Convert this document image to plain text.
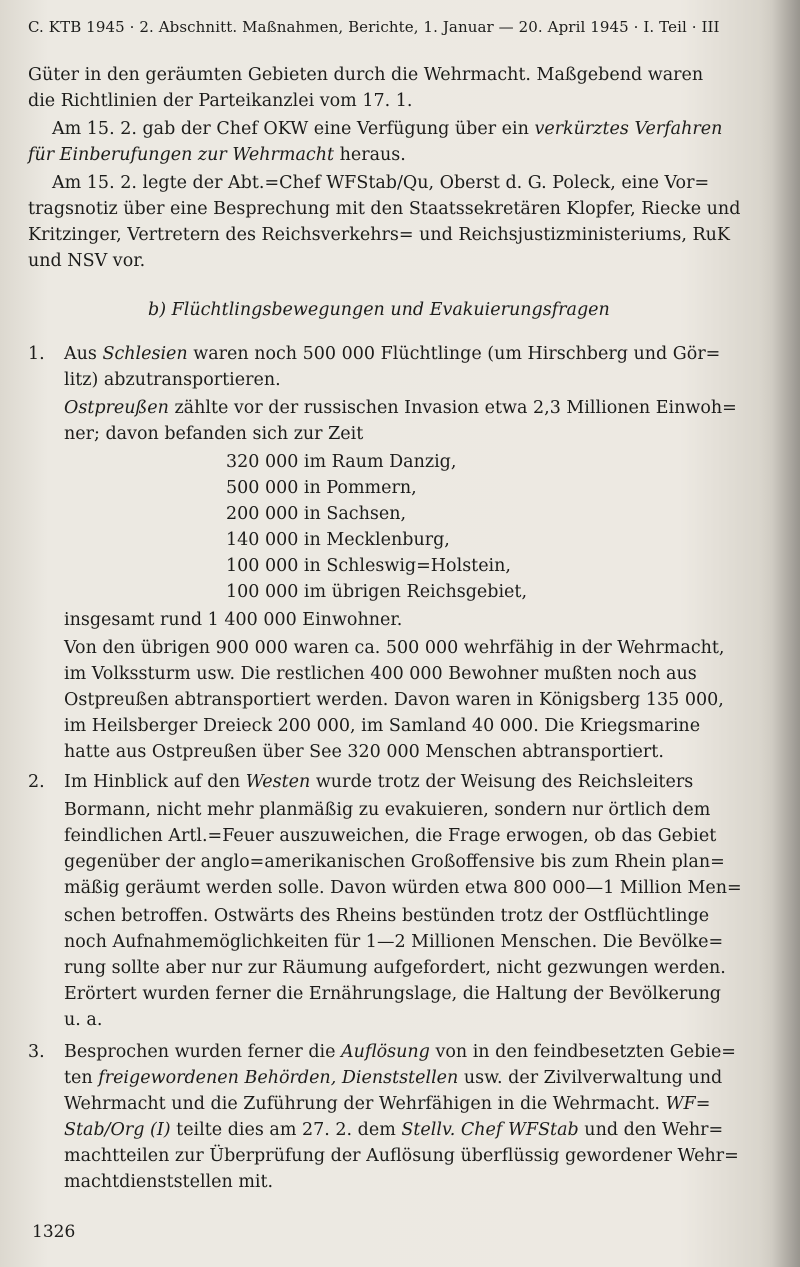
C. KTB 1945 · 2. Abschnitt. Maßnahmen, Berichte, 1. Januar — 20. April 1945 · I. Teil · III
Güter in den geräumten Gebieten durch die Wehrmacht. Maßgebend waren
die Richtlinien der Parteikanzlei vom 17. 1.
Am 15. 2. gab der Chef OKW eine Verfügung über ein verkürztes Verfahren
für Einberufungen zur Wehrmacht heraus.
Am 15. 2. legte der Abt.=Chef WFStab/Qu, Oberst d. G. Poleck, eine Vor=
tragsnotiz über eine Besprechung mit den Staatssekretären Klopfer, Riecke und
Kritzinger, Vertretern des Reichsverkehrs= und Reichsjustizministeriums, RuK
und NSV vor.
b) Flüchtlingsbewegungen und Evakuierungsfragen
1. Aus Schlesien waren noch 500 000 Flüchtlinge (um Hirschberg und Gör=
litz) abzutransportieren.
Ostpreußen zählte vor der russischen Invasion etwa 2,3 Millionen Einwoh=
ner; davon befanden sich zur Zeit
320 000 im Raum Danzig,
500 000 in Pommern,
200 000 in Sachsen,
140 000 in Mecklenburg,
100 000 in Schleswig=Holstein,
100 000 im übrigen Reichsgebiet,
insgesamt rund 1 400 000 Einwohner.
Von den übrigen 900 000 waren ca. 500 000 wehrfähig in der Wehrmacht,
im Volkssturm usw. Die restlichen 400 000 Bewohner mußten noch aus
Ostpreußen abtransportiert werden. Davon waren in Königsberg 135 000,
im Heilsberger Dreieck 200 000, im Samland 40 000. Die Kriegsmarine
hatte aus Ostpreußen über See 320 000 Menschen abtransportiert.
2. Im Hinblick auf den Westen wurde trotz der Weisung des Reichsleiters
Bormann, nicht mehr planmäßig zu evakuieren, sondern nur örtlich dem
feindlichen Artl.=Feuer auszuweichen, die Frage erwogen, ob das Gebiet
gegenüber der anglo=amerikanischen Großoffensive bis zum Rhein plan=
mäßig geräumt werden solle. Davon würden etwa 800 000—1 Million Men=
schen betroffen. Ostwärts des Rheins bestünden trotz der Ostflüchtlinge
noch Aufnahmemöglichkeiten für 1—2 Millionen Menschen. Die Bevölke=
rung sollte aber nur zur Räumung aufgefordert, nicht gezwungen werden.
Erörtert wurden ferner die Ernährungslage, die Haltung der Bevölkerung
u. a.
3. Besprochen wurden ferner die Auflösung von in den feindbesetzten Gebie=
ten freigewordenen Behörden, Dienststellen usw. der Zivilverwaltung und
Wehrmacht und die Zuführung der Wehrfähigen in die Wehrmacht. WF=
Stab/Org (I) teilte dies am 27. 2. dem Stellv. Chef WFStab und den Wehr=
machtteilen zur Überprüfung der Auflösung überflüssig gewordener Wehr=
machtdienststellen mit.
1326
